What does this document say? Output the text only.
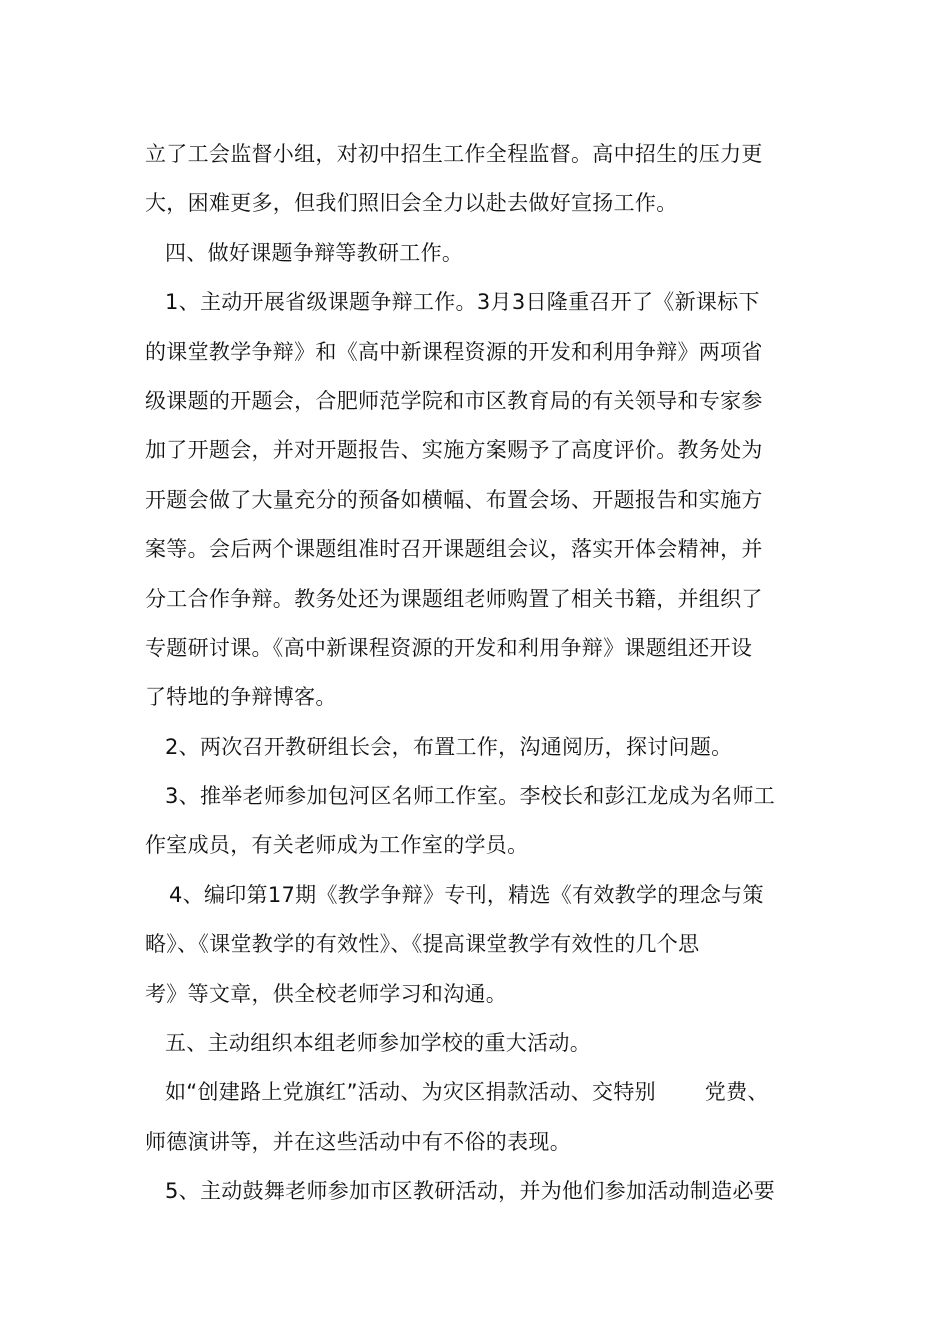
立了工会监督小组，对初中招生工作全程监督。高中招生的压力更
大，困难更多，但我们照旧会全力以赴去做好宣扬工作。
四、做好课题争辩等教研工作。
1、主动开展省级课题争辩工作。3月3日隆重召开了《新课标下
的课堂教学争辩》和《高中新课程资源的开发和利用争辩》两项省
级课题的开题会，合肥师范学院和市区教育局的有关领导和专家参
加了开题会，并对开题报告、实施方案赐予了高度评价。教务处为
开题会做了大量充分的预备如横幅、布置会场、开题报告和实施方
案等。会后两个课题组准时召开课题组会议，落实开体会精神，并
分工合作争辩。教务处还为课题组老师购置了相关书籍，并组织了
专题研讨课。《高中新课程资源的开发和利用争辩》课题组还开设
了特地的争辩博客。
2、两次召开教研组长会，布置工作，沟通阅历，探讨问题。
3、推举老师参加包河区名师工作室。李校长和彭江龙成为名师工
作室成员，有关老师成为工作室的学员。
4、编印第17期《教学争辩》专刊，精选《有效教学的理念与策
略》、《课堂教学的有效性》、《提高课堂教学有效性的几个思
考》等文章，供全校老师学习和沟通。
五、主动组织本组老师参加学校的重大活动。
如“创建路上党旗红”活动、为灾区捐款活动、交特别       党费、
师德演讲等，并在这些活动中有不俗的表现。
5、主动鼓舞老师参加市区教研活动，并为他们参加活动制造必要
